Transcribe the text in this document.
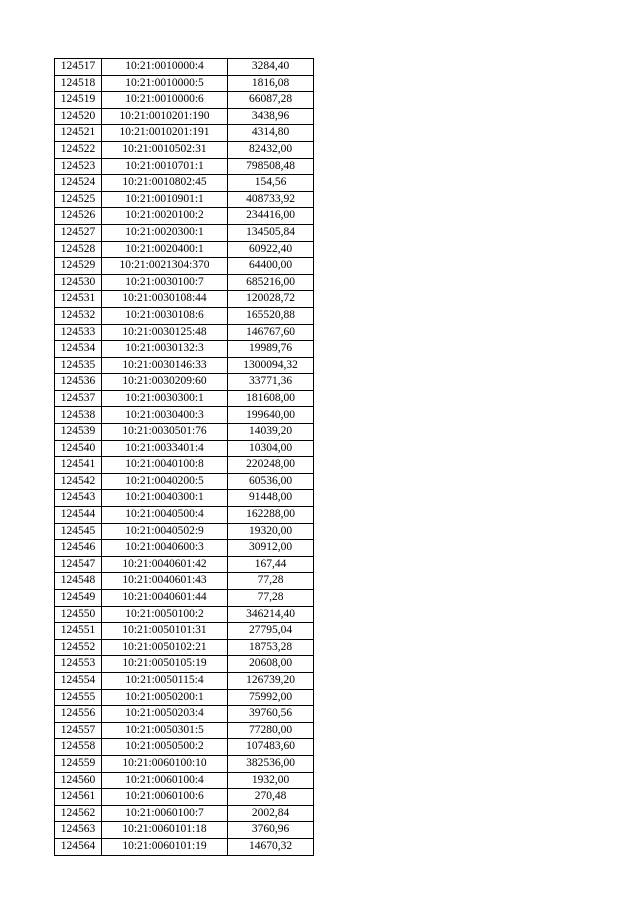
124517	10:21:0010000:4	3284,40
124518	10:21:0010000:5	1816,08
124519	10:21:0010000:6	66087,28
124520	10:21:0010201:190	3438,96
124521	10:21:0010201:191	4314,80
124522	10:21:0010502:31	82432,00
124523	10:21:0010701:1	798508,48
124524	10:21:0010802:45	154,56
124525	10:21:0010901:1	408733,92
124526	10:21:0020100:2	234416,00
124527	10:21:0020300:1	134505,84
124528	10:21:0020400:1	60922,40
124529	10:21:0021304:370	64400,00
124530	10:21:0030100:7	685216,00
124531	10:21:0030108:44	120028,72
124532	10:21:0030108:6	165520,88
124533	10:21:0030125:48	146767,60
124534	10:21:0030132:3	19989,76
124535	10:21:0030146:33	1300094,32
124536	10:21:0030209:60	33771,36
124537	10:21:0030300:1	181608,00
124538	10:21:0030400:3	199640,00
124539	10:21:0030501:76	14039,20
124540	10:21:0033401:4	10304,00
124541	10:21:0040100:8	220248,00
124542	10:21:0040200:5	60536,00
124543	10:21:0040300:1	91448,00
124544	10:21:0040500:4	162288,00
124545	10:21:0040502:9	19320,00
124546	10:21:0040600:3	30912,00
124547	10:21:0040601:42	167,44
124548	10:21:0040601:43	77,28
124549	10:21:0040601:44	77,28
124550	10:21:0050100:2	346214,40
124551	10:21:0050101:31	27795,04
124552	10:21:0050102:21	18753,28
124553	10:21:0050105:19	20608,00
124554	10:21:0050115:4	126739,20
124555	10:21:0050200:1	75992,00
124556	10:21:0050203:4	39760,56
124557	10:21:0050301:5	77280,00
124558	10:21:0050500:2	107483,60
124559	10:21:0060100:10	382536,00
124560	10:21:0060100:4	1932,00
124561	10:21:0060100:6	270,48
124562	10:21:0060100:7	2002,84
124563	10:21:0060101:18	3760,96
124564	10:21:0060101:19	14670,32
